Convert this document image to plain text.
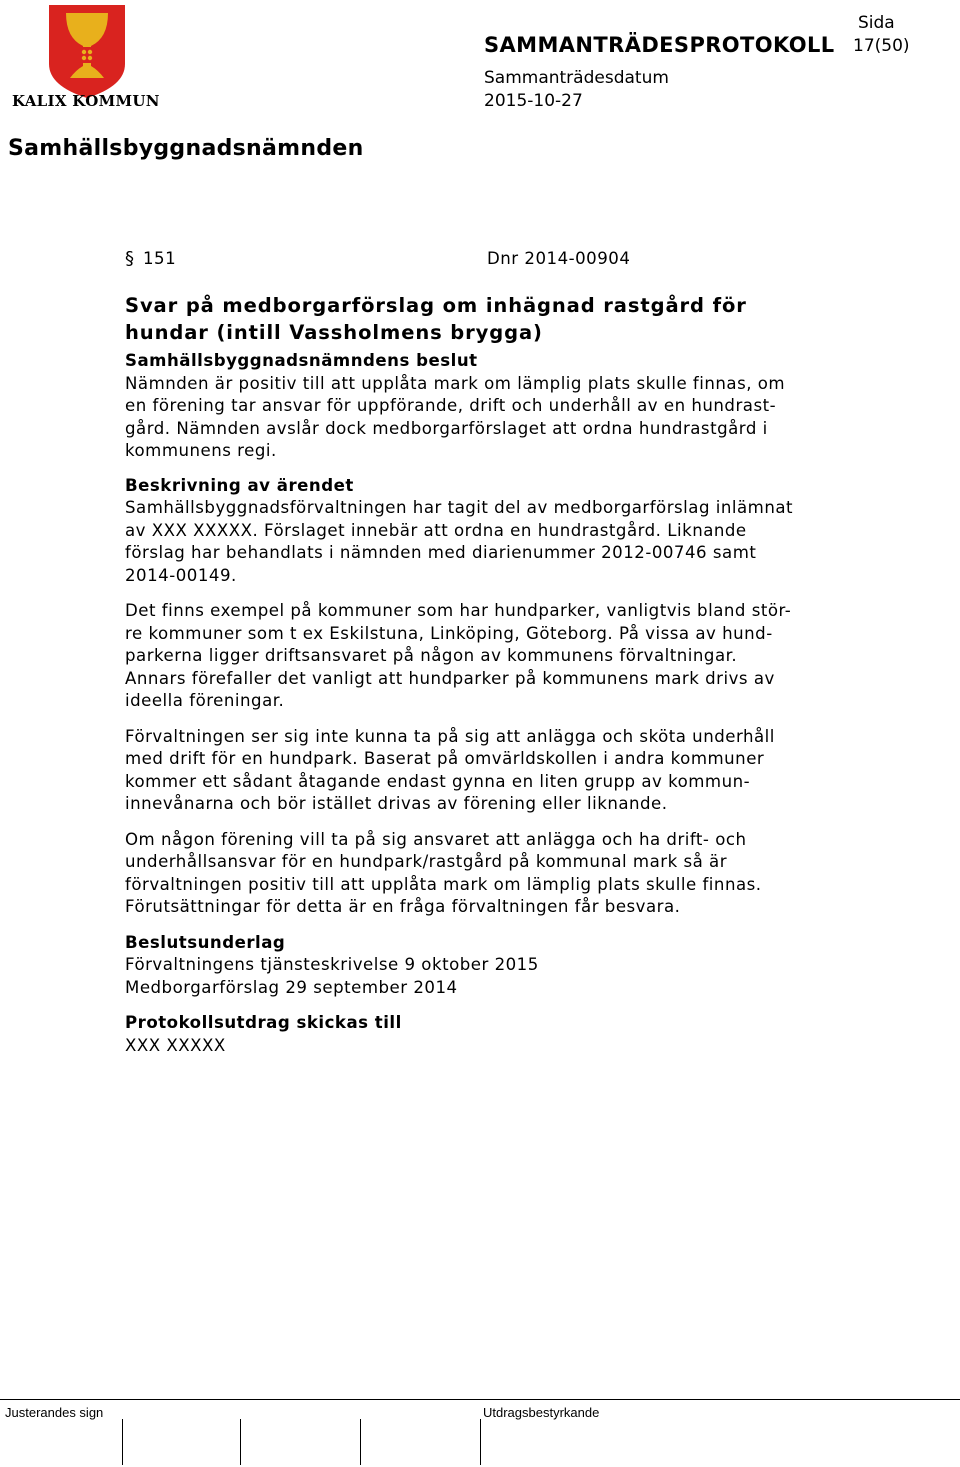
KALIX KOMMUN
SAMMANTRÄDESPROTOKOLL
Sida
17(50)
Sammanträdesdatum
2015-10-27
Samhällsbyggnadsnämnden
§ 151	Dnr 2014-00904
Svar på medborgarförslag om inhägnad rastgård för
hundar (intill Vassholmens brygga)
Samhällsbyggnadsnämndens beslut
Nämnden är positiv till att upplåta mark om lämplig plats skulle finnas, om
en förening tar ansvar för uppförande, drift och underhåll av en hundrast-
gård. Nämnden avslår dock medborgarförslaget att ordna hundrastgård i
kommunens regi.
Beskrivning av ärendet
Samhällsbyggnadsförvaltningen har tagit del av medborgarförslag inlämnat
av XXX XXXXX. Förslaget innebär att ordna en hundrastgård. Liknande
förslag har behandlats i nämnden med diarienummer 2012-00746 samt
2014-00149.
Det finns exempel på kommuner som har hundparker, vanligtvis bland stör-
re kommuner som t ex Eskilstuna, Linköping, Göteborg. På vissa av hund-
parkerna ligger driftsansvaret på någon av kommunens förvaltningar.
Annars förefaller det vanligt att hundparker på kommunens mark drivs av
ideella föreningar.
Förvaltningen ser sig inte kunna ta på sig att anlägga och sköta underhåll
med drift för en hundpark. Baserat på omvärldskollen i andra kommuner
kommer ett sådant åtagande endast gynna en liten grupp av kommun-
innevånarna och bör istället drivas av förening eller liknande.
Om någon förening vill ta på sig ansvaret att anlägga och ha drift- och
underhållsansvar för en hundpark/rastgård på kommunal mark så är
förvaltningen positiv till att upplåta mark om lämplig plats skulle finnas.
Förutsättningar för detta är en fråga förvaltningen får besvara.
Beslutsunderlag
Förvaltningens tjänsteskrivelse 9 oktober 2015
Medborgarförslag 29 september 2014
Protokollsutdrag skickas till
XXX XXXXX
Justerandes sign	Utdragsbestyrkande
